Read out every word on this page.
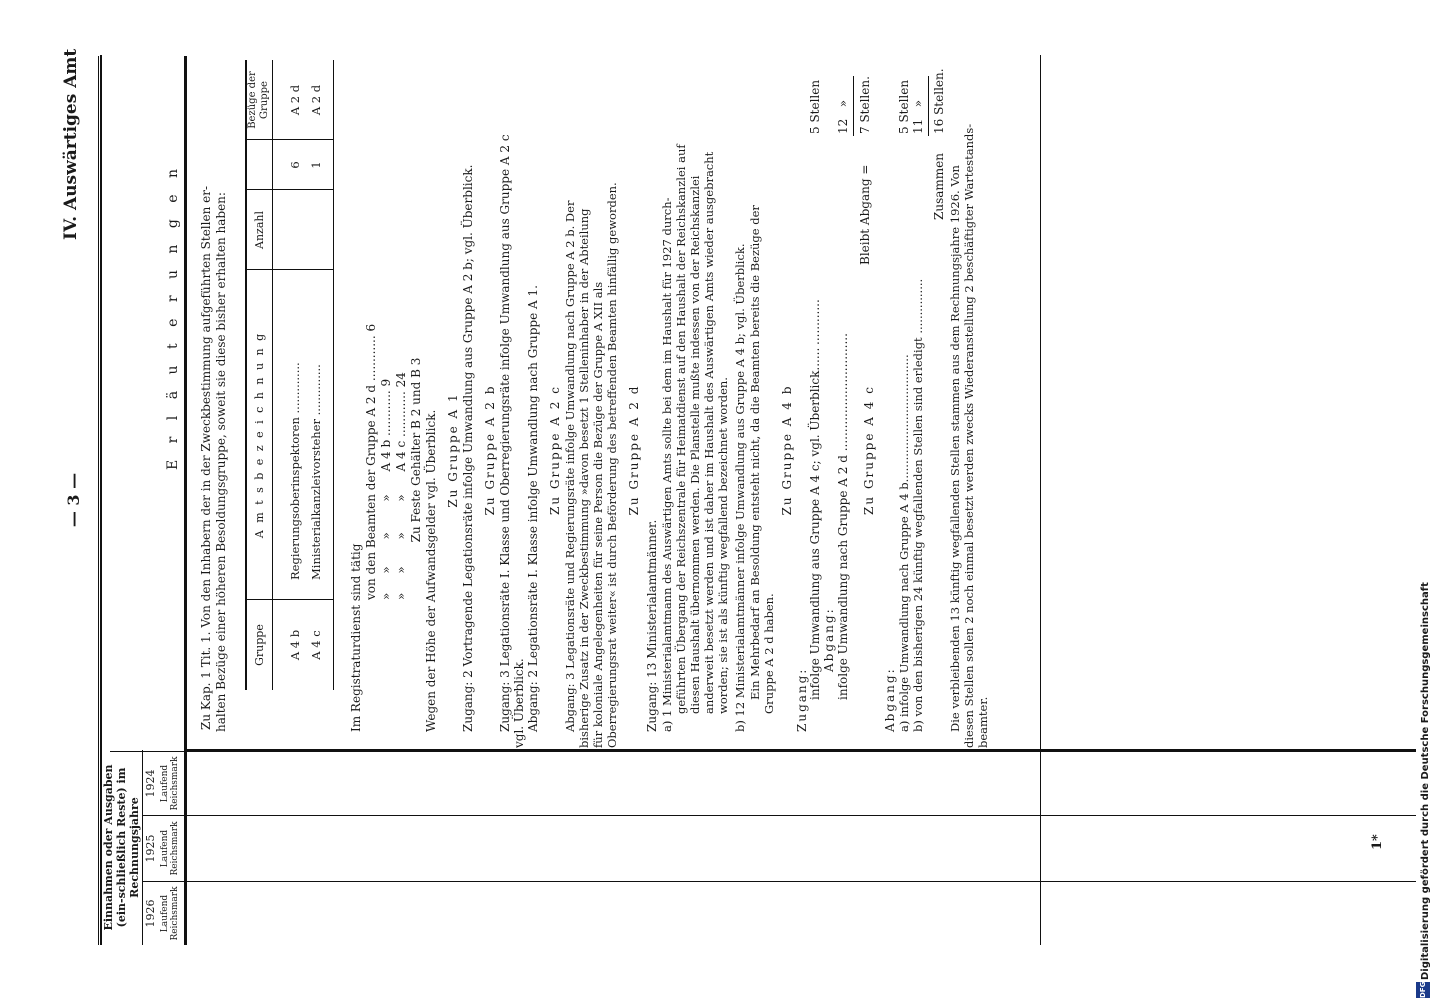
— 3 —
IV. Auswärtiges Amt
Einnahmen oder Ausgaben (ein-schließlich Reste) im Rechnungsjahre
1926 Laufend Reichsmark
1925 Laufend Reichsmark
1924 Laufend Reichsmark
E r l ä u t e r u n g e n Zu Kap. 1 Tit. 1. Von den Inhabern der in der Zweckbestimmung aufgeführten Stellen er- halten Bezüge einer höheren Besoldungsgruppe, soweit sie diese bisher erhalten haben: Gruppe
A m t s b e z e i c h n u n g
Anzahl
Bezüge der Gruppe
A 4 b
Regierungsoberinspektoren ..............
6
A 2 d
A 4 c
Ministerialkanzleivorsteher ..............
1
A 2 d
Im Registraturdienst sind tätig
von den Beamten der Gruppe A 2 d ............ 6 »     »       »        »      A 4 b ............ 9 »     »       »        »      A 4 c ............ 24 Zu Feste Gehälter B 2 und B 3 Wegen der Höhe der Aufwandsgelder vgl. Überblick. Zu Gruppe A 1 Zugang: 2 Vortragende Legationsräte infolge Umwandlung aus Gruppe A 2 b; vgl. Überblick. Zu Gruppe A 2 b Zugang: 3 Legationsräte I. Klasse und Oberregierungsräte infolge Umwandlung aus Gruppe A 2 c vgl. Überblick. Abgang: 2 Legationsräte I. Klasse infolge Umwandlung nach Gruppe A 1. Zu Gruppe A 2 c Abgang: 3 Legationsräte und Regierungsräte infolge Umwandlung nach Gruppe A 2 b. Der bisherige Zusatz in der Zweckbestimmung »davon besetzt 1 Stelleninhaber in der Abteilung für koloniale Angelegenheiten für seine Person die Bezüge der Gruppe A XII als Oberregierungsrat weiter« ist durch Beförderung des betreffenden Beamten hinfällig geworden. Zu Gruppe A 2 d
Zugang: 13 Ministerialamtmänner. a) 1 Ministerialamtmann des Auswärtigen Amts sollte bei dem im Haushalt für 1927 durch- geführten Übergang der Reichszentrale für Heimatdienst auf den Haushalt der Reichskanzlei auf diesen Haushalt übernommen werden. Die Planstelle mußte indessen von der Reichskanzlei anderweit besetzt werden und ist daher im Haushalt des Auswärtigen Amts wieder ausgebracht worden; sie ist als künftig wegfallend bezeichnet worden. b) 12 Ministerialamtmänner infolge Umwandlung aus Gruppe A 4 b; vgl. Überblick. Ein Mehrbedarf an Besoldung entsteht nicht, da die Beamten bereits die Bezüge der Gruppe A 2 d haben.
Zu Gruppe A 4 b
Zugang: infolge Umwandlung aus Gruppe A 4 c; vgl. Überblick......
............
5 Stellen
Abgang: infolge Umwandlung nach Gruppe A 2 d ...............................
12   »
Bleibt Abgang =
7 Stellen.
Zu Gruppe A 4 c
Abgang: a) infolge Umwandlung nach Gruppe A 4 b...................................
5 Stellen
b) von den bisherigen 24 künftig wegfallenden Stellen sind erledigt ...............
11   »
Zusammen
16 Stellen.
Die verbleibenden 13 künftig wegfallenden Stellen stammen aus dem Rechnungsjahre 1926. Von diesen Stellen sollen 2 noch einmal besetzt werden zwecks Wiederanstellung 2 beschäftigter Wartestands- beamter.
1*	Digitalisierung gefördert durch die Deutsche Forschungsgemeinschaft
DFG
